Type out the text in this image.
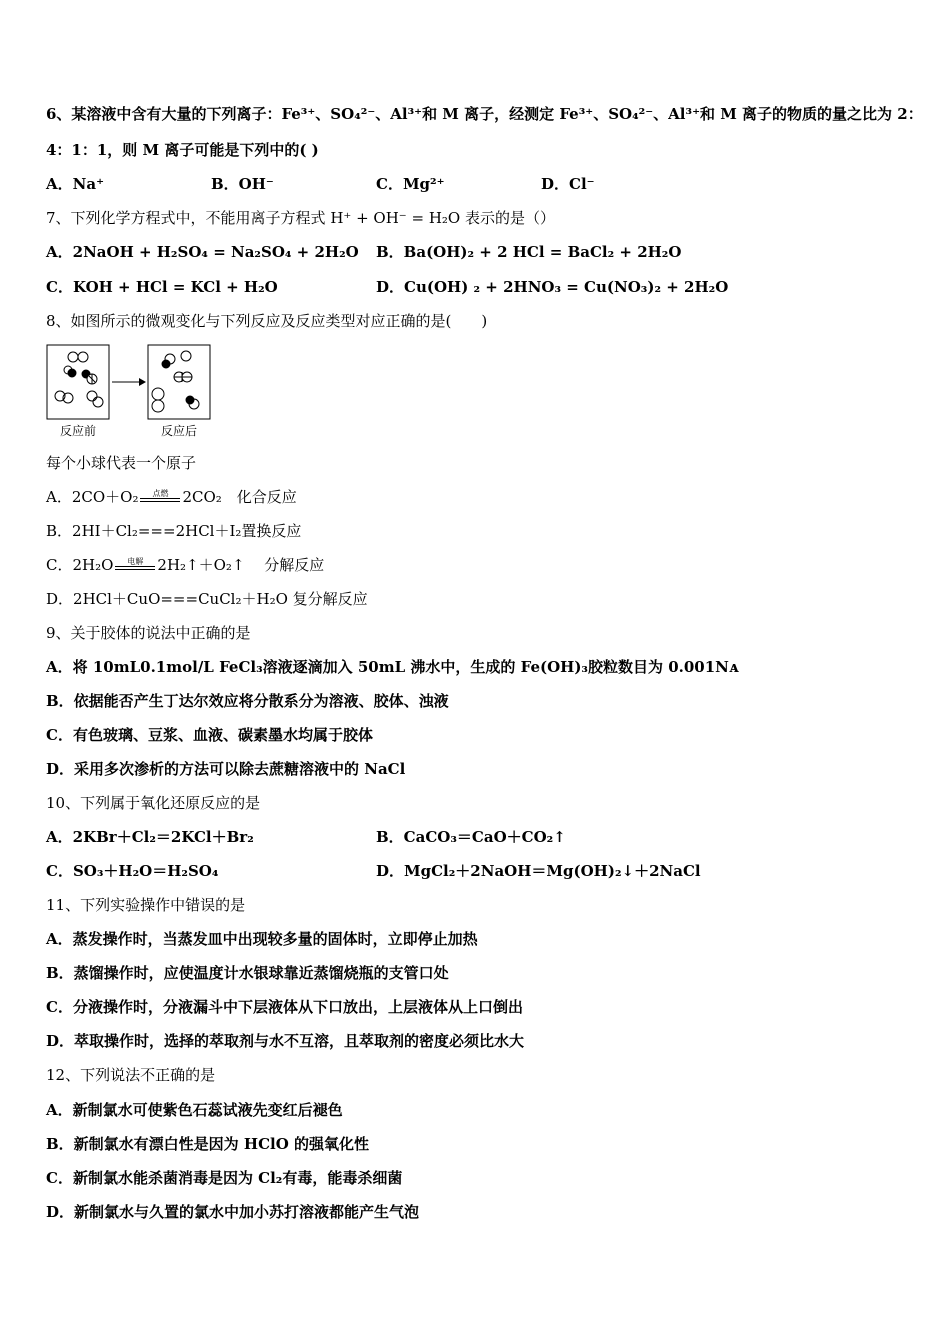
6、某溶液中含有大量的下列离子：Fe³⁺、SO₄²⁻、Al³⁺和 M 离子，经测定 Fe³⁺、SO₄²⁻、Al³⁺和 M 离子的物质的量之比为 2：
4：1：1，则 M 离子可能是下列中的( )
A．Na⁺	B．OH⁻	C．Mg²⁺	D．Cl⁻
7、下列化学方程式中，不能用离子方程式 H⁺ + OH⁻ = H₂O 表示的是（）
A．2NaOH + H₂SO₄ = Na₂SO₄ + 2H₂O B．Ba(OH)₂ + 2 HCl = BaCl₂ + 2H₂O
C．KOH + HCl = KCl + H₂O	D．Cu(OH) ₂ + 2HNO₃ = Cu(NO₃)₂ + 2H₂O
8、如图所示的微观变化与下列反应及反应类型对应正确的是(　　)
反应前	反应后
每个小球代表一个原子
A．2CO＋O₂	点燃 2CO₂　化合反应
B．2HI＋Cl₂===2HCl＋I₂置换反应
C．2H₂O	电解 2H₂↑＋O₂↑　 分解反应
D．2HCl＋CuO===CuCl₂＋H₂O 复分解反应
9、关于胶体的说法中正确的是
A．将 10mL0.1mol/L FeCl₃溶液逐滴加入 50mL 沸水中，生成的 Fe(OH)₃胶粒数目为 0.001Nᴀ
B．依据能否产生丁达尔效应将分散系分为溶液、胶体、浊液
C．有色玻璃、豆浆、血液、碳素墨水均属于胶体
D．采用多次渗析的方法可以除去蔗糖溶液中的 NaCl
10、下列属于氧化还原反应的是
A．2KBr＋Cl₂＝2KCl＋Br₂	B．CaCO₃＝CaO＋CO₂↑
C．SO₃＋H₂O＝H₂SO₄	D．MgCl₂＋2NaOH＝Mg(OH)₂↓＋2NaCl
11、下列实验操作中错误的是
A．蒸发操作时，当蒸发皿中出现较多量的固体时，立即停止加热
B．蒸馏操作时，应使温度计水银球靠近蒸馏烧瓶的支管口处
C．分液操作时，分液漏斗中下层液体从下口放出，上层液体从上口倒出
D．萃取操作时，选择的萃取剂与水不互溶，且萃取剂的密度必须比水大
12、下列说法不正确的是
A．新制氯水可使紫色石蕊试液先变红后褪色
B．新制氯水有漂白性是因为 HClO 的强氧化性
C．新制氯水能杀菌消毒是因为 Cl₂有毒，能毒杀细菌
D．新制氯水与久置的氯水中加小苏打溶液都能产生气泡
